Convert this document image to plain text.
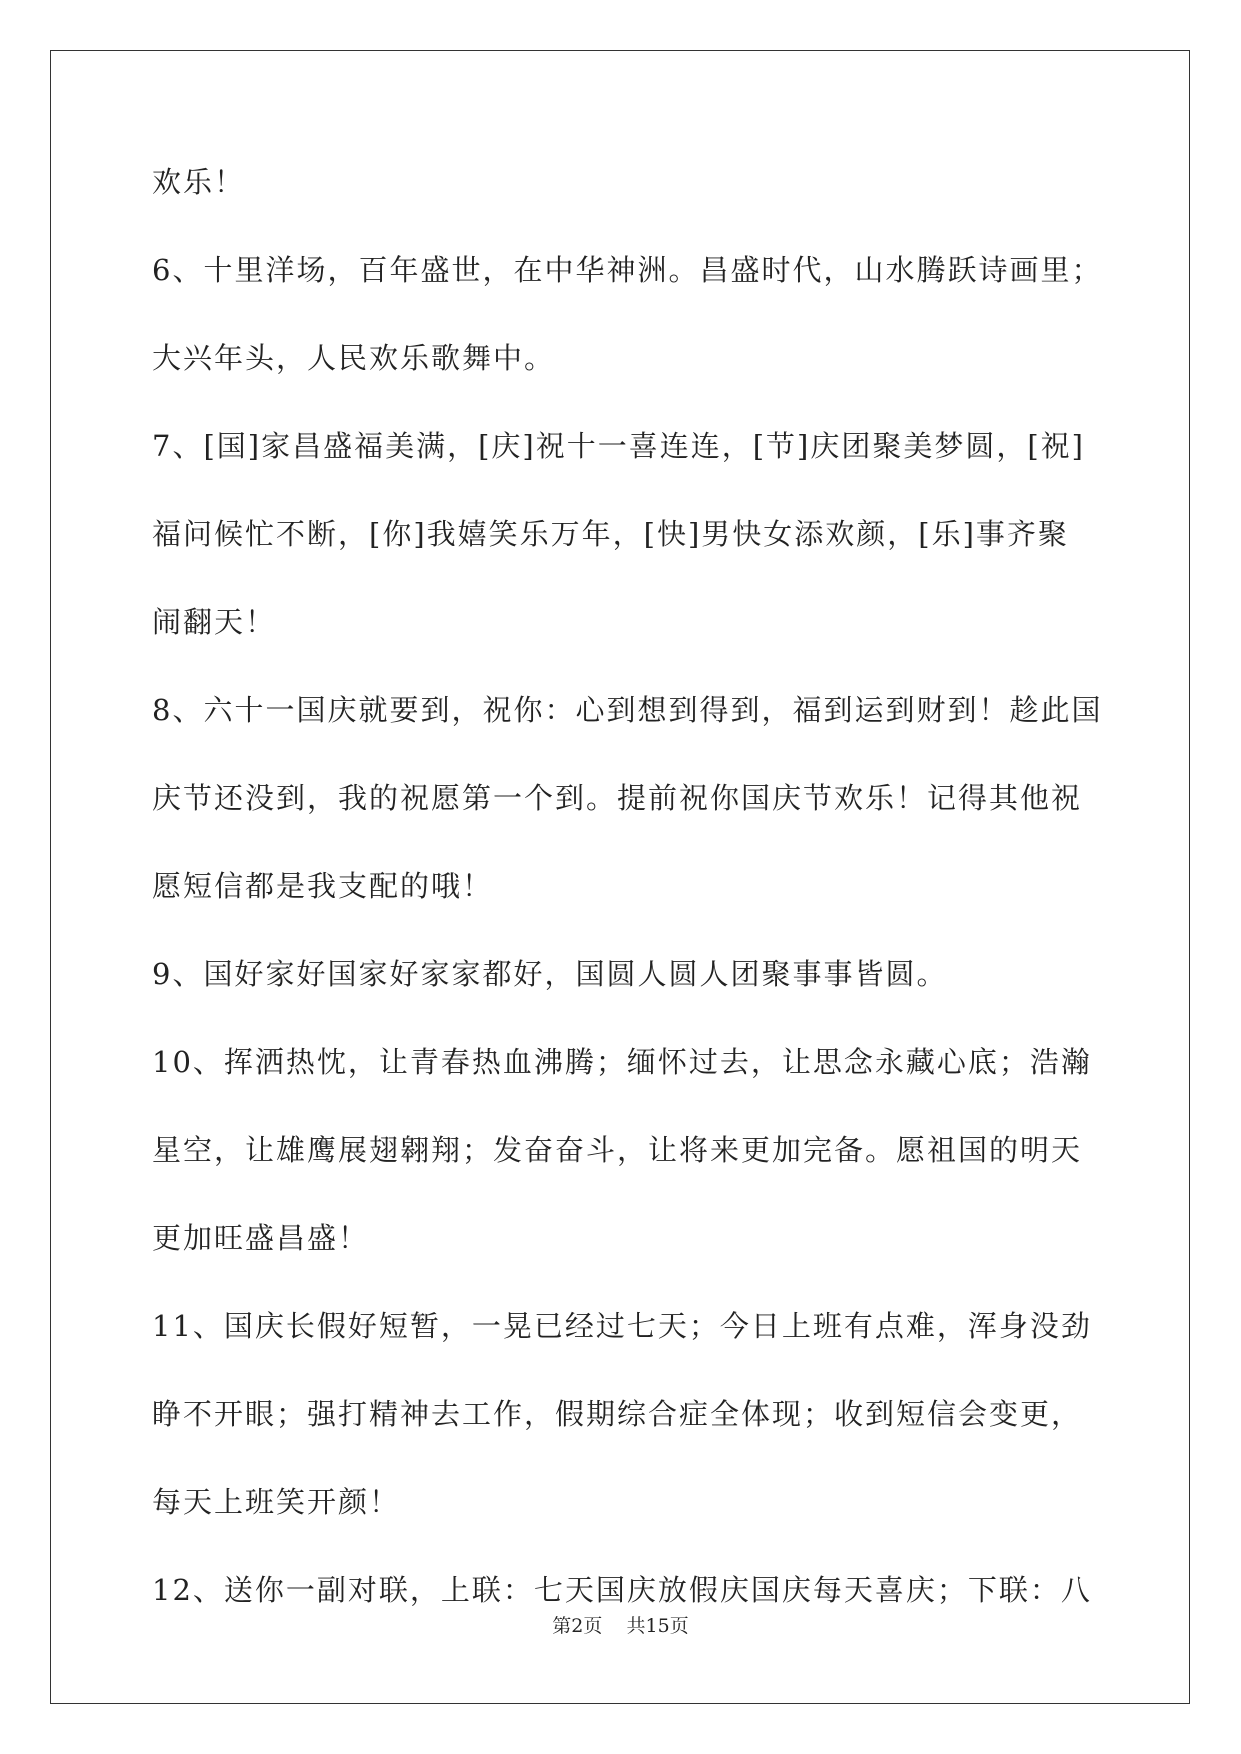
欢乐！
6、十里洋场，百年盛世，在中华神洲。昌盛时代，山水腾跃诗画里；
大兴年头，人民欢乐歌舞中。
7、[国]家昌盛福美满，[庆]祝十一喜连连，[节]庆团聚美梦圆，[祝]
福问候忙不断，[你]我嬉笑乐万年，[快]男快女添欢颜，[乐]事齐聚
闹翻天！
8、六十一国庆就要到，祝你：心到想到得到，福到运到财到！趁此国
庆节还没到，我的祝愿第一个到。提前祝你国庆节欢乐！记得其他祝
愿短信都是我支配的哦！
9、国好家好国家好家家都好，国圆人圆人团聚事事皆圆。
10、挥洒热忱，让青春热血沸腾；缅怀过去，让思念永藏心底；浩瀚
星空，让雄鹰展翅翱翔；发奋奋斗，让将来更加完备。愿祖国的明天
更加旺盛昌盛！
11、国庆长假好短暂，一晃已经过七天；今日上班有点难，浑身没劲
睁不开眼；强打精神去工作，假期综合症全体现；收到短信会变更，
每天上班笑开颜！
12、送你一副对联，上联：七天国庆放假庆国庆每天喜庆；下联：八
第2页 共15页
